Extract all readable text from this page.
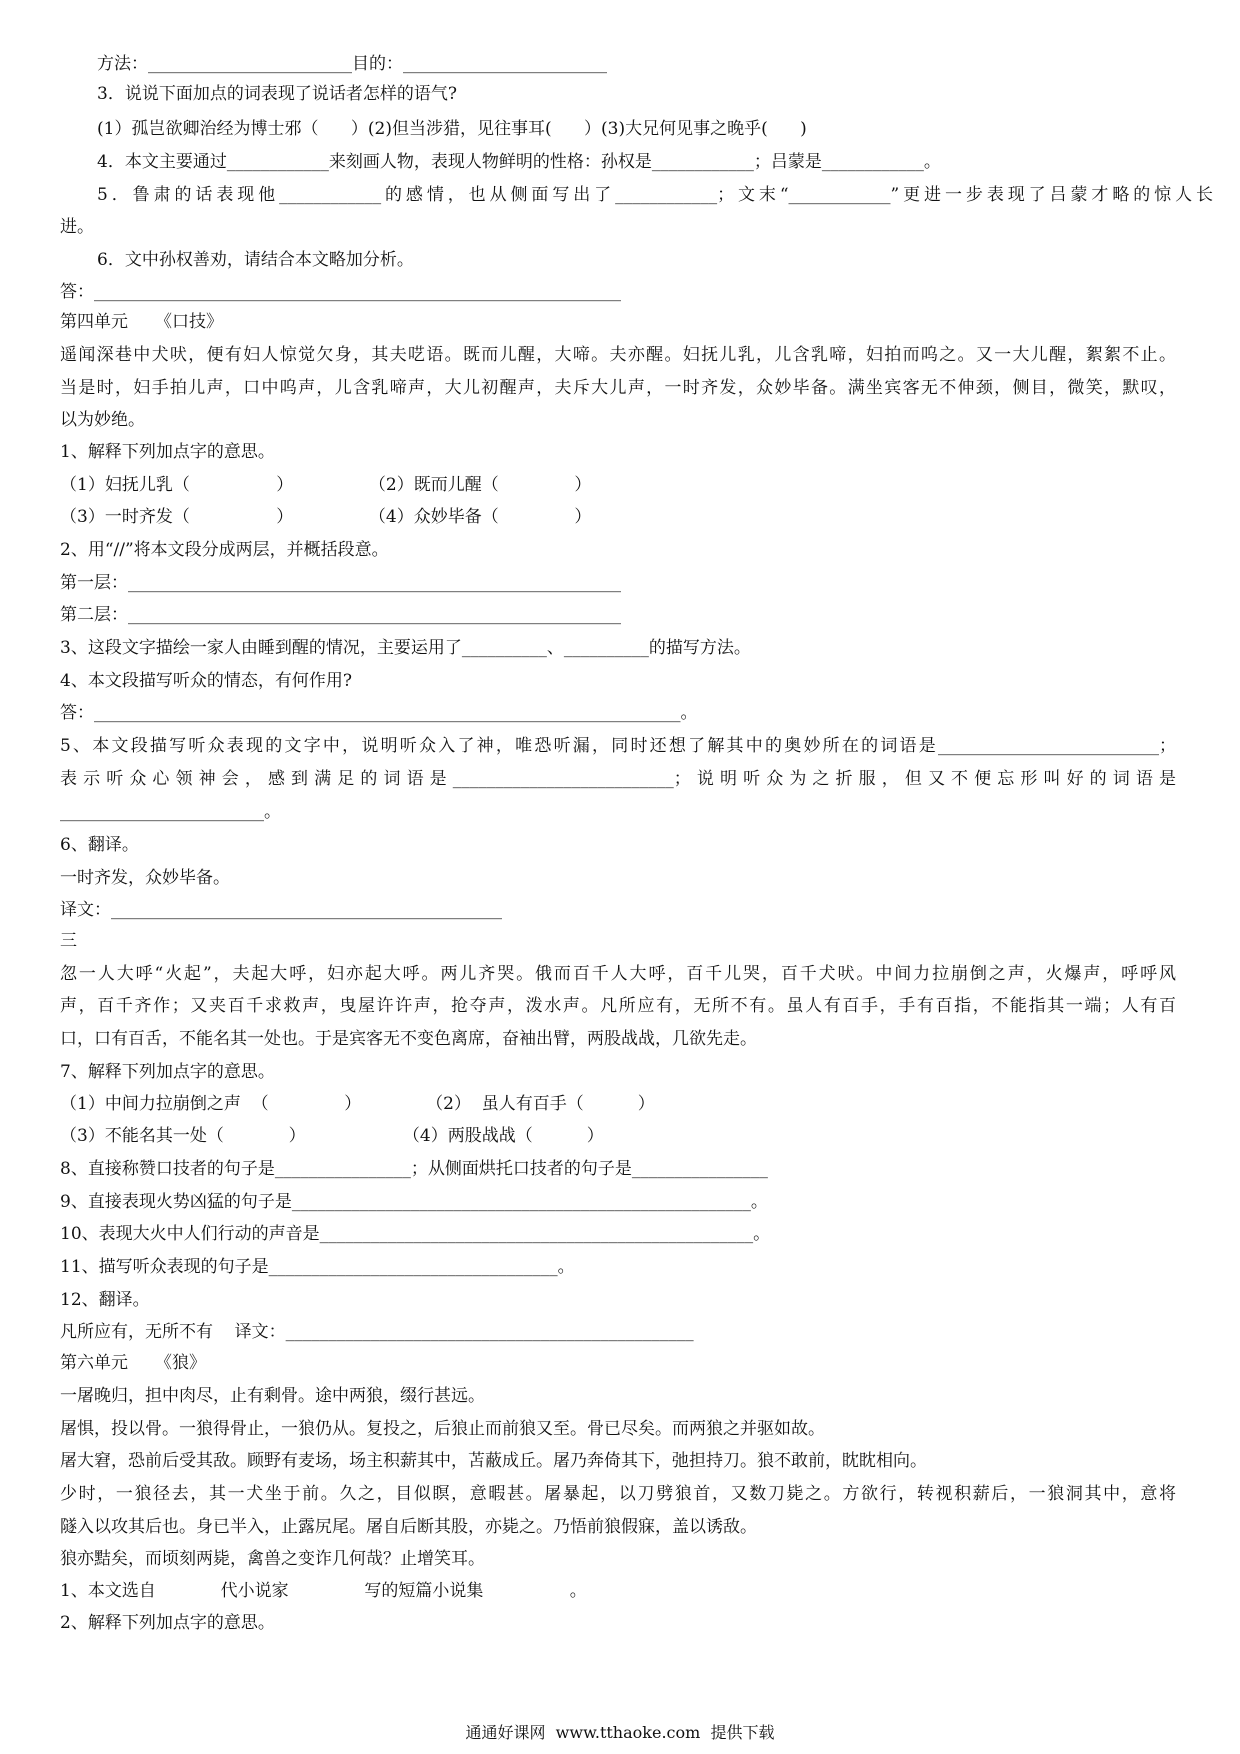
方法：________________________目的：________________________
3．说说下面加点的词表现了说话者怎样的语气?
(1）孤岂欲卿治经为博士邪（      ）(2)但当涉猎，见往事耳(      ）(3)大兄何见事之晚乎(      )
4．本文主要通过____________来刻画人物，表现人物鲜明的性格：孙权是____________；吕蒙是____________。
5．鲁肃的话表现他____________的感情，也从侧面写出了____________；文末“____________”更进一步表现了吕蒙才略的惊人长
进。
6．文中孙权善劝，请结合本文略加分析。
答：______________________________________________________________
第四单元     《口技》
遥闻深巷中犬吠，便有妇人惊觉欠身，其夫呓语。既而儿醒，大啼。夫亦醒。妇抚儿乳，儿含乳啼，妇拍而呜之。又一大儿醒，絮絮不止。
当是时，妇手拍儿声，口中呜声，儿含乳啼声，大儿初醒声，夫斥大儿声，一时齐发，众妙毕备。满坐宾客无不伸颈，侧目，微笑，默叹，
以为妙绝。
1、解释下列加点字的意思。
（1）妇抚儿乳（                ）              （2）既而儿醒（              ）
（3）一时齐发（                ）              （4）众妙毕备（              ）
2、用“//”将本文段分成两层，并概括段意。
第一层：__________________________________________________________
第二层：__________________________________________________________
3、这段文字描绘一家人由睡到醒的情况，主要运用了__________、__________的描写方法。
4、本文段描写听众的情态，有何作用?
答：_____________________________________________________________________。
5、本文段描写听众表现的文字中，说明听众入了神，唯恐听漏，同时还想了解其中的奥妙所在的词语是__________________________；
表示听众心领神会，感到满足的词语是__________________________；说明听众为之折服，但又不便忘形叫好的词语是
________________________。
6、翻译。
一时齐发，众妙毕备。
译文：______________________________________________
三
忽一人大呼“火起”，夫起大呼，妇亦起大呼。两儿齐哭。俄而百千人大呼，百千儿哭，百千犬吠。中间力拉崩倒之声，火爆声，呼呼风
声，百千齐作；又夹百千求救声，曳屋许许声，抢夺声，泼水声。凡所应有，无所不有。虽人有百手，手有百指，不能指其一端；人有百
口，口有百舌，不能名其一处也。于是宾客无不变色离席，奋袖出臂，两股战战，几欲先走。
7、解释下列加点字的意思。
（1）中间力拉崩倒之声  （              ）            （2）  虽人有百手（          ）
（3）不能名其一处（            ）                  （4）两股战战（          ）
8、直接称赞口技者的句子是________________；从侧面烘托口技者的句子是________________
9、直接表现火势凶猛的句子是______________________________________________________。
10、表现大火中人们行动的声音是___________________________________________________。
11、描写听众表现的句子是__________________________________。
12、翻译。
凡所应有，无所不有    译文：________________________________________________
第六单元     《狼》
一屠晚归，担中肉尽，止有剩骨。途中两狼，缀行甚远。
屠惧，投以骨。一狼得骨止，一狼仍从。复投之，后狼止而前狼又至。骨已尽矣。而两狼之并驱如故。
屠大窘，恐前后受其敌。顾野有麦场，场主积薪其中，苫蔽成丘。屠乃奔倚其下，弛担持刀。狼不敢前，眈眈相向。
少时，一狼径去，其一犬坐于前。久之，目似瞑，意暇甚。屠暴起，以刀劈狼首，又数刀毙之。方欲行，转视积薪后，一狼洞其中，意将
隧入以攻其后也。身已半入，止露尻尾。屠自后断其股，亦毙之。乃悟前狼假寐，盖以诱敌。
狼亦黠矣，而顷刻两毙，禽兽之变诈几何哉？止增笑耳。
1、本文选自            代小说家              写的短篇小说集                。
2、解释下列加点字的意思。
通通好课网  www.tthaoke.com  提供下载
